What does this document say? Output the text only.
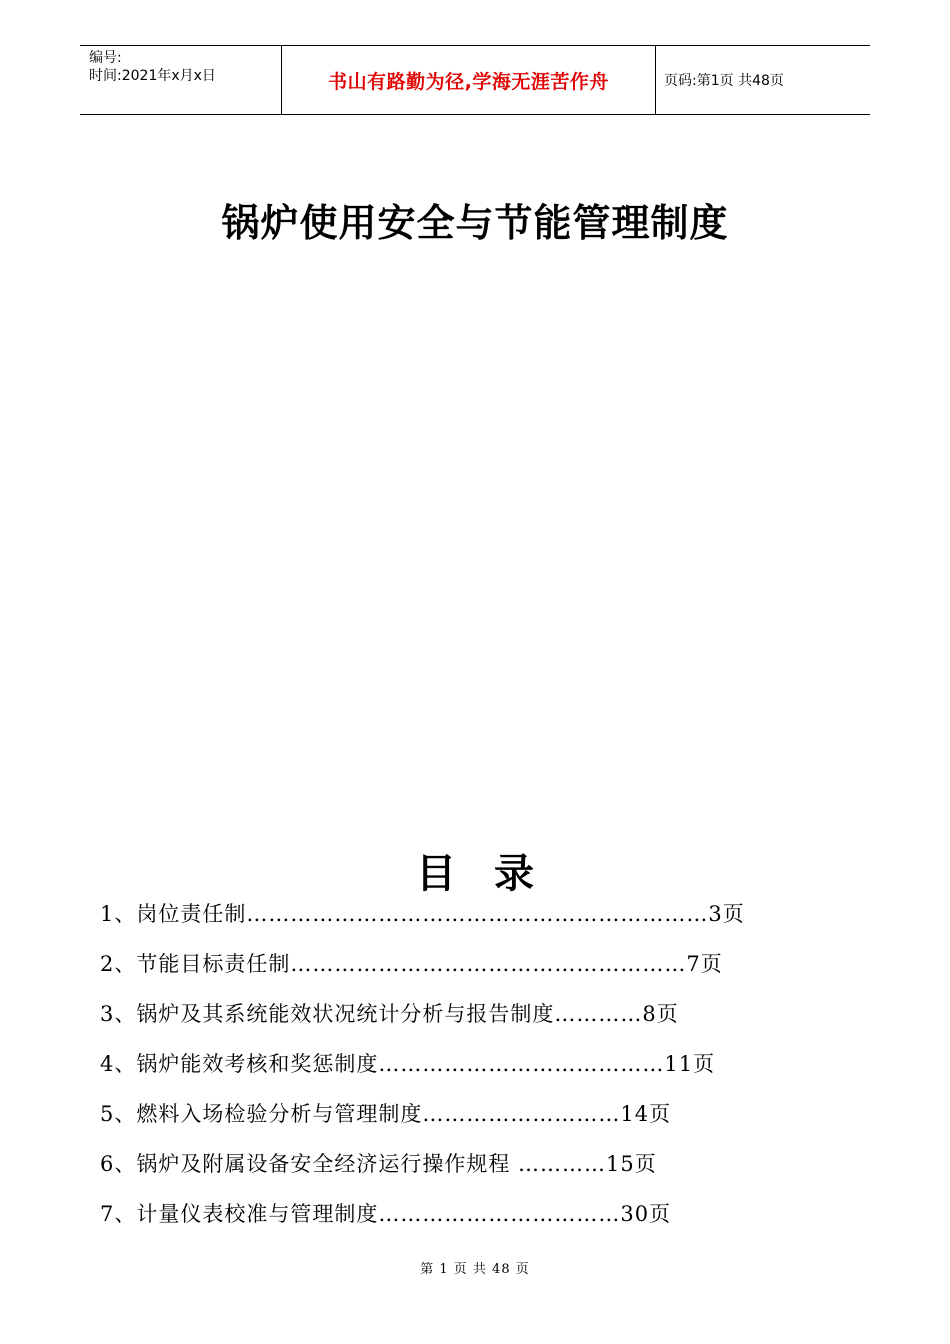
编号:
时间:2021年x月x日	书山有路勤为径,学海无涯苦作舟	页码:第1页 共48页
锅炉使用安全与节能管理制度
目 录
1、岗位责任制………………………………………………………3页
2、节能目标责任制………………………………………………7页
3、锅炉及其系统能效状况统计分析与报告制度…………8页
4、锅炉能效考核和奖惩制度…………………………………11页
5、燃料入场检验分析与管理制度………………………14页
6、锅炉及附属设备安全经济运行操作规程 …………15页
7、计量仪表校准与管理制度……………………………30页
第 1 页 共 48 页
